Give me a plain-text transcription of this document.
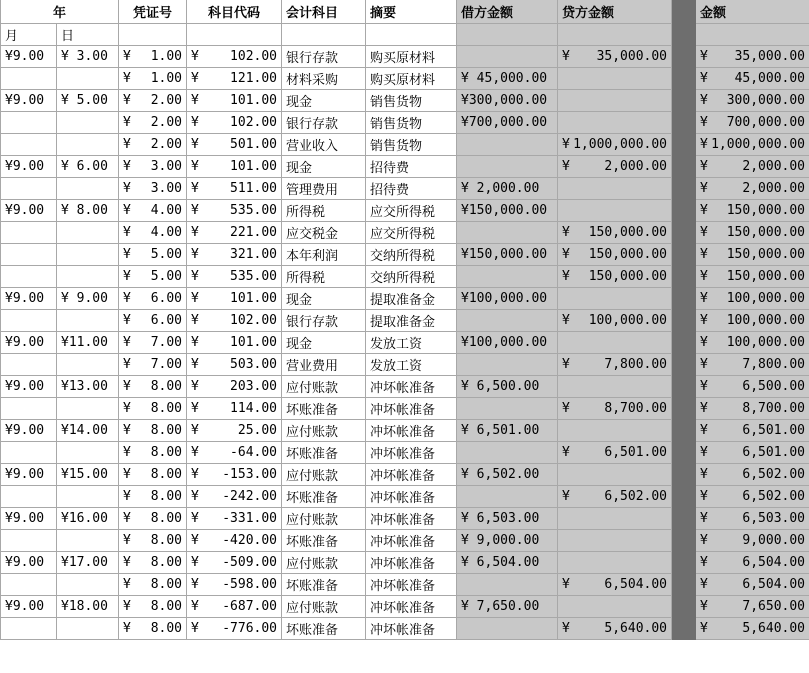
年		凭证号	科目代码	会计科目	摘要	借方金额	贷方金额		金额
月	日								
¥9.00	¥ 3.00	¥ 1.00	¥ 102.00	银行存款	购买原材料		¥ 35,000.00		¥ 35,000.00

		¥ 1.00	¥ 121.00	材料采购	购买原材料	¥ 45,000.00			¥ 45,000.00

¥9.00	¥ 5.00	¥ 2.00	¥ 101.00	现金	销售货物	¥300,000.00			¥ 300,000.00

		¥ 2.00	¥ 102.00	银行存款	销售货物	¥700,000.00			¥ 700,000.00

		¥ 2.00	¥ 501.00	营业收入	销售货物		¥ 1,000,000.00		¥ 1,000,000.00

¥9.00	¥ 6.00	¥ 3.00	¥ 101.00	现金	招待费		¥ 2,000.00		¥ 2,000.00

		¥ 3.00	¥ 511.00	管理费用	招待费	¥ 2,000.00			¥ 2,000.00

¥9.00	¥ 8.00	¥ 4.00	¥ 535.00	所得税	应交所得税	¥150,000.00			¥ 150,000.00

		¥ 4.00	¥ 221.00	应交税金	应交所得税		¥ 150,000.00		¥ 150,000.00

		¥ 5.00	¥ 321.00	本年利润	交纳所得税	¥150,000.00	¥ 150,000.00		¥ 150,000.00

		¥ 5.00	¥ 535.00	所得税	交纳所得税		¥ 150,000.00		¥ 150,000.00

¥9.00	¥ 9.00	¥ 6.00	¥ 101.00	现金	提取准备金	¥100,000.00			¥ 100,000.00

		¥ 6.00	¥ 102.00	银行存款	提取准备金		¥ 100,000.00		¥ 100,000.00

¥9.00	¥11.00	¥ 7.00	¥ 101.00	现金	发放工资	¥100,000.00			¥ 100,000.00

		¥ 7.00	¥ 503.00	营业费用	发放工资		¥ 7,800.00		¥ 7,800.00

¥9.00	¥13.00	¥ 8.00	¥ 203.00	应付账款	冲坏帐准备	¥ 6,500.00			¥ 6,500.00

		¥ 8.00	¥ 114.00	坏账准备	冲坏帐准备		¥ 8,700.00		¥ 8,700.00

¥9.00	¥14.00	¥ 8.00	¥ 25.00	应付账款	冲坏帐准备	¥ 6,501.00			¥ 6,501.00

		¥ 8.00	¥ -64.00	坏账准备	冲坏帐准备		¥ 6,501.00		¥ 6,501.00

¥9.00	¥15.00	¥ 8.00	¥ -153.00	应付账款	冲坏帐准备	¥ 6,502.00			¥ 6,502.00

		¥ 8.00	¥ -242.00	坏账准备	冲坏帐准备		¥ 6,502.00		¥ 6,502.00

¥9.00	¥16.00	¥ 8.00	¥ -331.00	应付账款	冲坏帐准备	¥ 6,503.00			¥ 6,503.00

		¥ 8.00	¥ -420.00	坏账准备	冲坏帐准备	¥ 9,000.00			¥ 9,000.00

¥9.00	¥17.00	¥ 8.00	¥ -509.00	应付账款	冲坏帐准备	¥ 6,504.00			¥ 6,504.00

		¥ 8.00	¥ -598.00	坏账准备	冲坏帐准备		¥ 6,504.00		¥ 6,504.00

¥9.00	¥18.00	¥ 8.00	¥ -687.00	应付账款	冲坏帐准备	¥ 7,650.00			¥ 7,650.00

		¥ 8.00	¥ -776.00	坏账准备	冲坏帐准备		¥ 5,640.00		¥ 5,640.00
